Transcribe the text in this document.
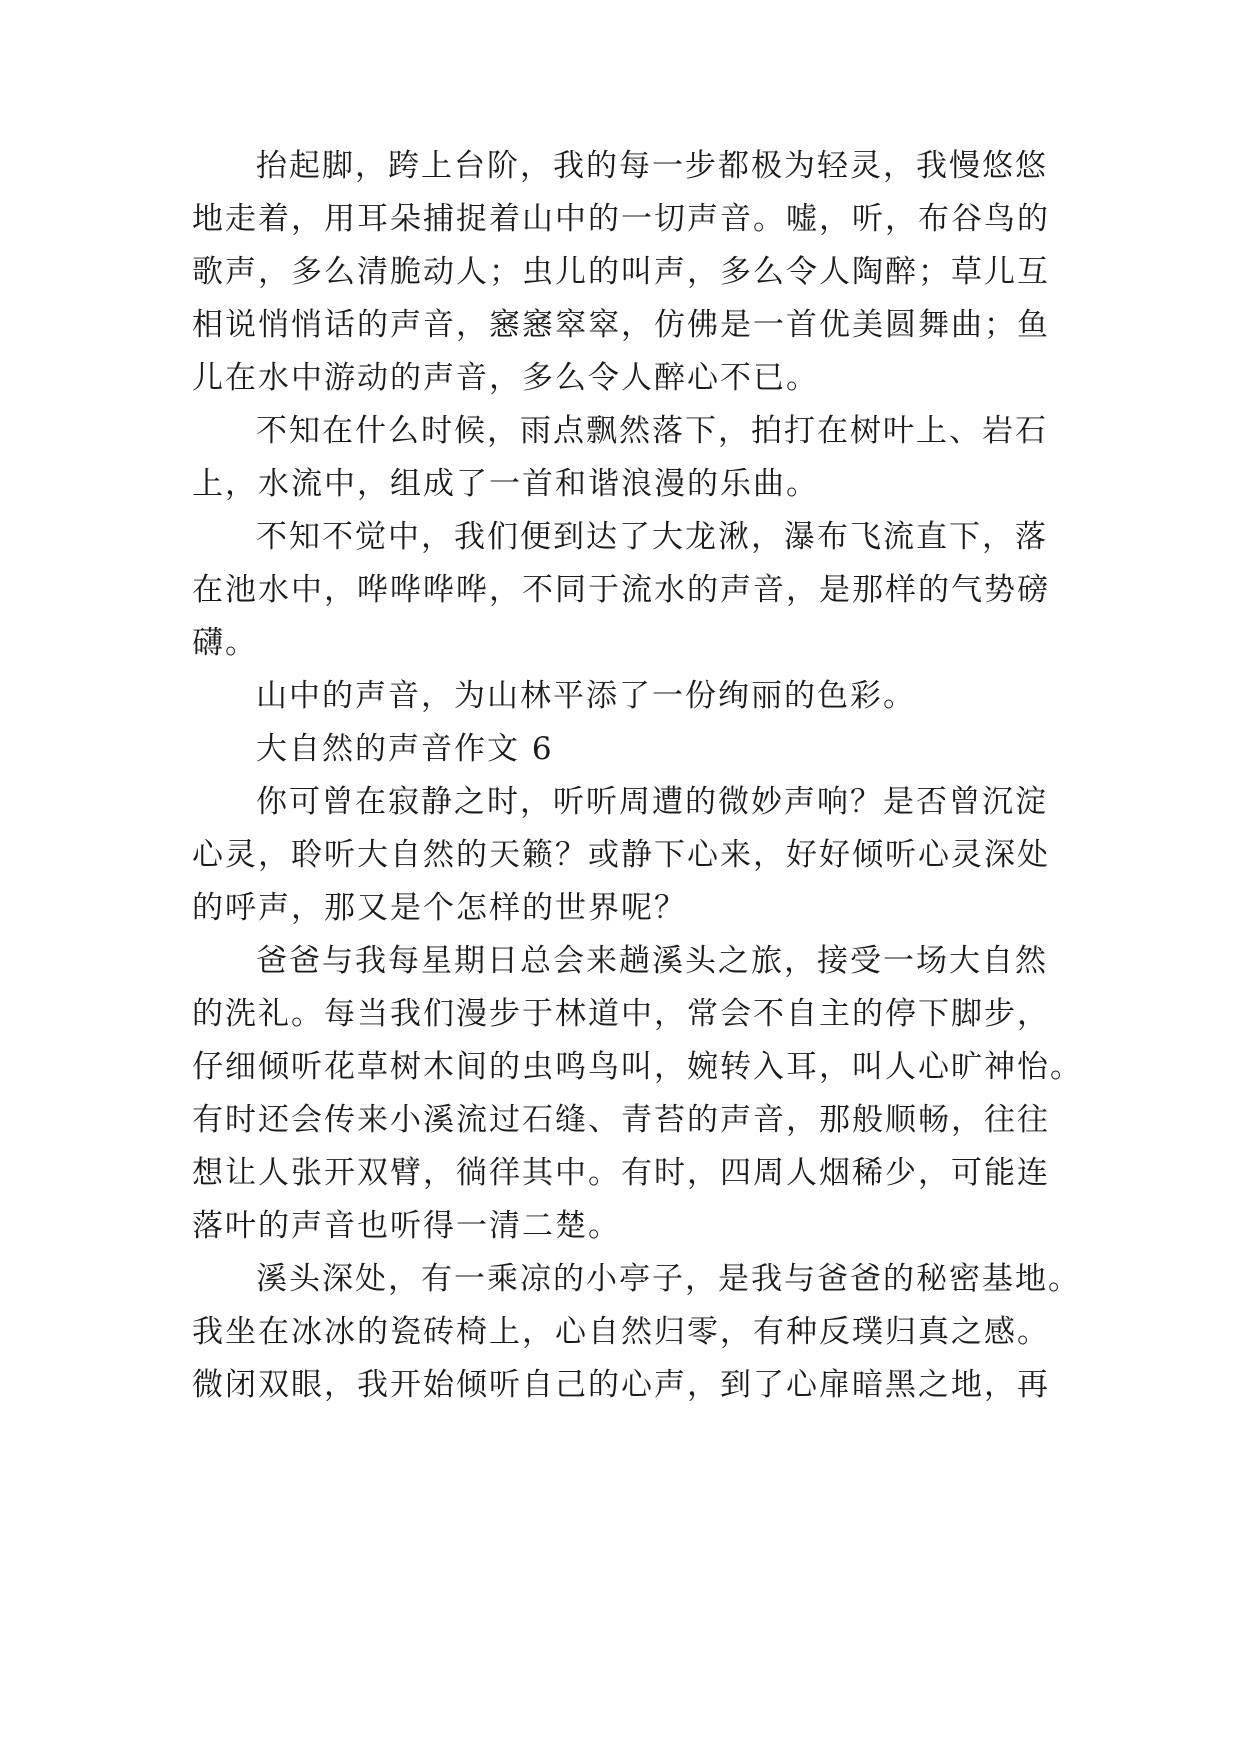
抬起脚，跨上台阶，我的每一步都极为轻灵，我慢悠悠
地走着，用耳朵捕捉着山中的一切声音。嘘，听，布谷鸟的
歌声，多么清脆动人；虫儿的叫声，多么令人陶醉；草儿互
相说悄悄话的声音，窸窸窣窣，仿佛是一首优美圆舞曲；鱼
儿在水中游动的声音，多么令人醉心不已。
不知在什么时候，雨点飘然落下，拍打在树叶上、岩石
上，水流中，组成了一首和谐浪漫的乐曲。
不知不觉中，我们便到达了大龙湫，瀑布飞流直下，落
在池水中，哗哗哗哗，不同于流水的声音，是那样的气势磅
礴。
山中的声音，为山林平添了一份绚丽的色彩。
大自然的声音作文 6
你可曾在寂静之时，听听周遭的微妙声响？是否曾沉淀
心灵，聆听大自然的天籁？或静下心来，好好倾听心灵深处
的呼声，那又是个怎样的世界呢？
爸爸与我每星期日总会来趟溪头之旅，接受一场大自然
的洗礼。每当我们漫步于林道中，常会不自主的停下脚步，
仔细倾听花草树木间的虫鸣鸟叫，婉转入耳，叫人心旷神怡。
有时还会传来小溪流过石缝、青苔的声音，那般顺畅，往往
想让人张开双臂，徜徉其中。有时，四周人烟稀少，可能连
落叶的声音也听得一清二楚。
溪头深处，有一乘凉的小亭子，是我与爸爸的秘密基地。
我坐在冰冰的瓷砖椅上，心自然归零，有种反璞归真之感。
微闭双眼，我开始倾听自己的心声，到了心扉暗黑之地，再
